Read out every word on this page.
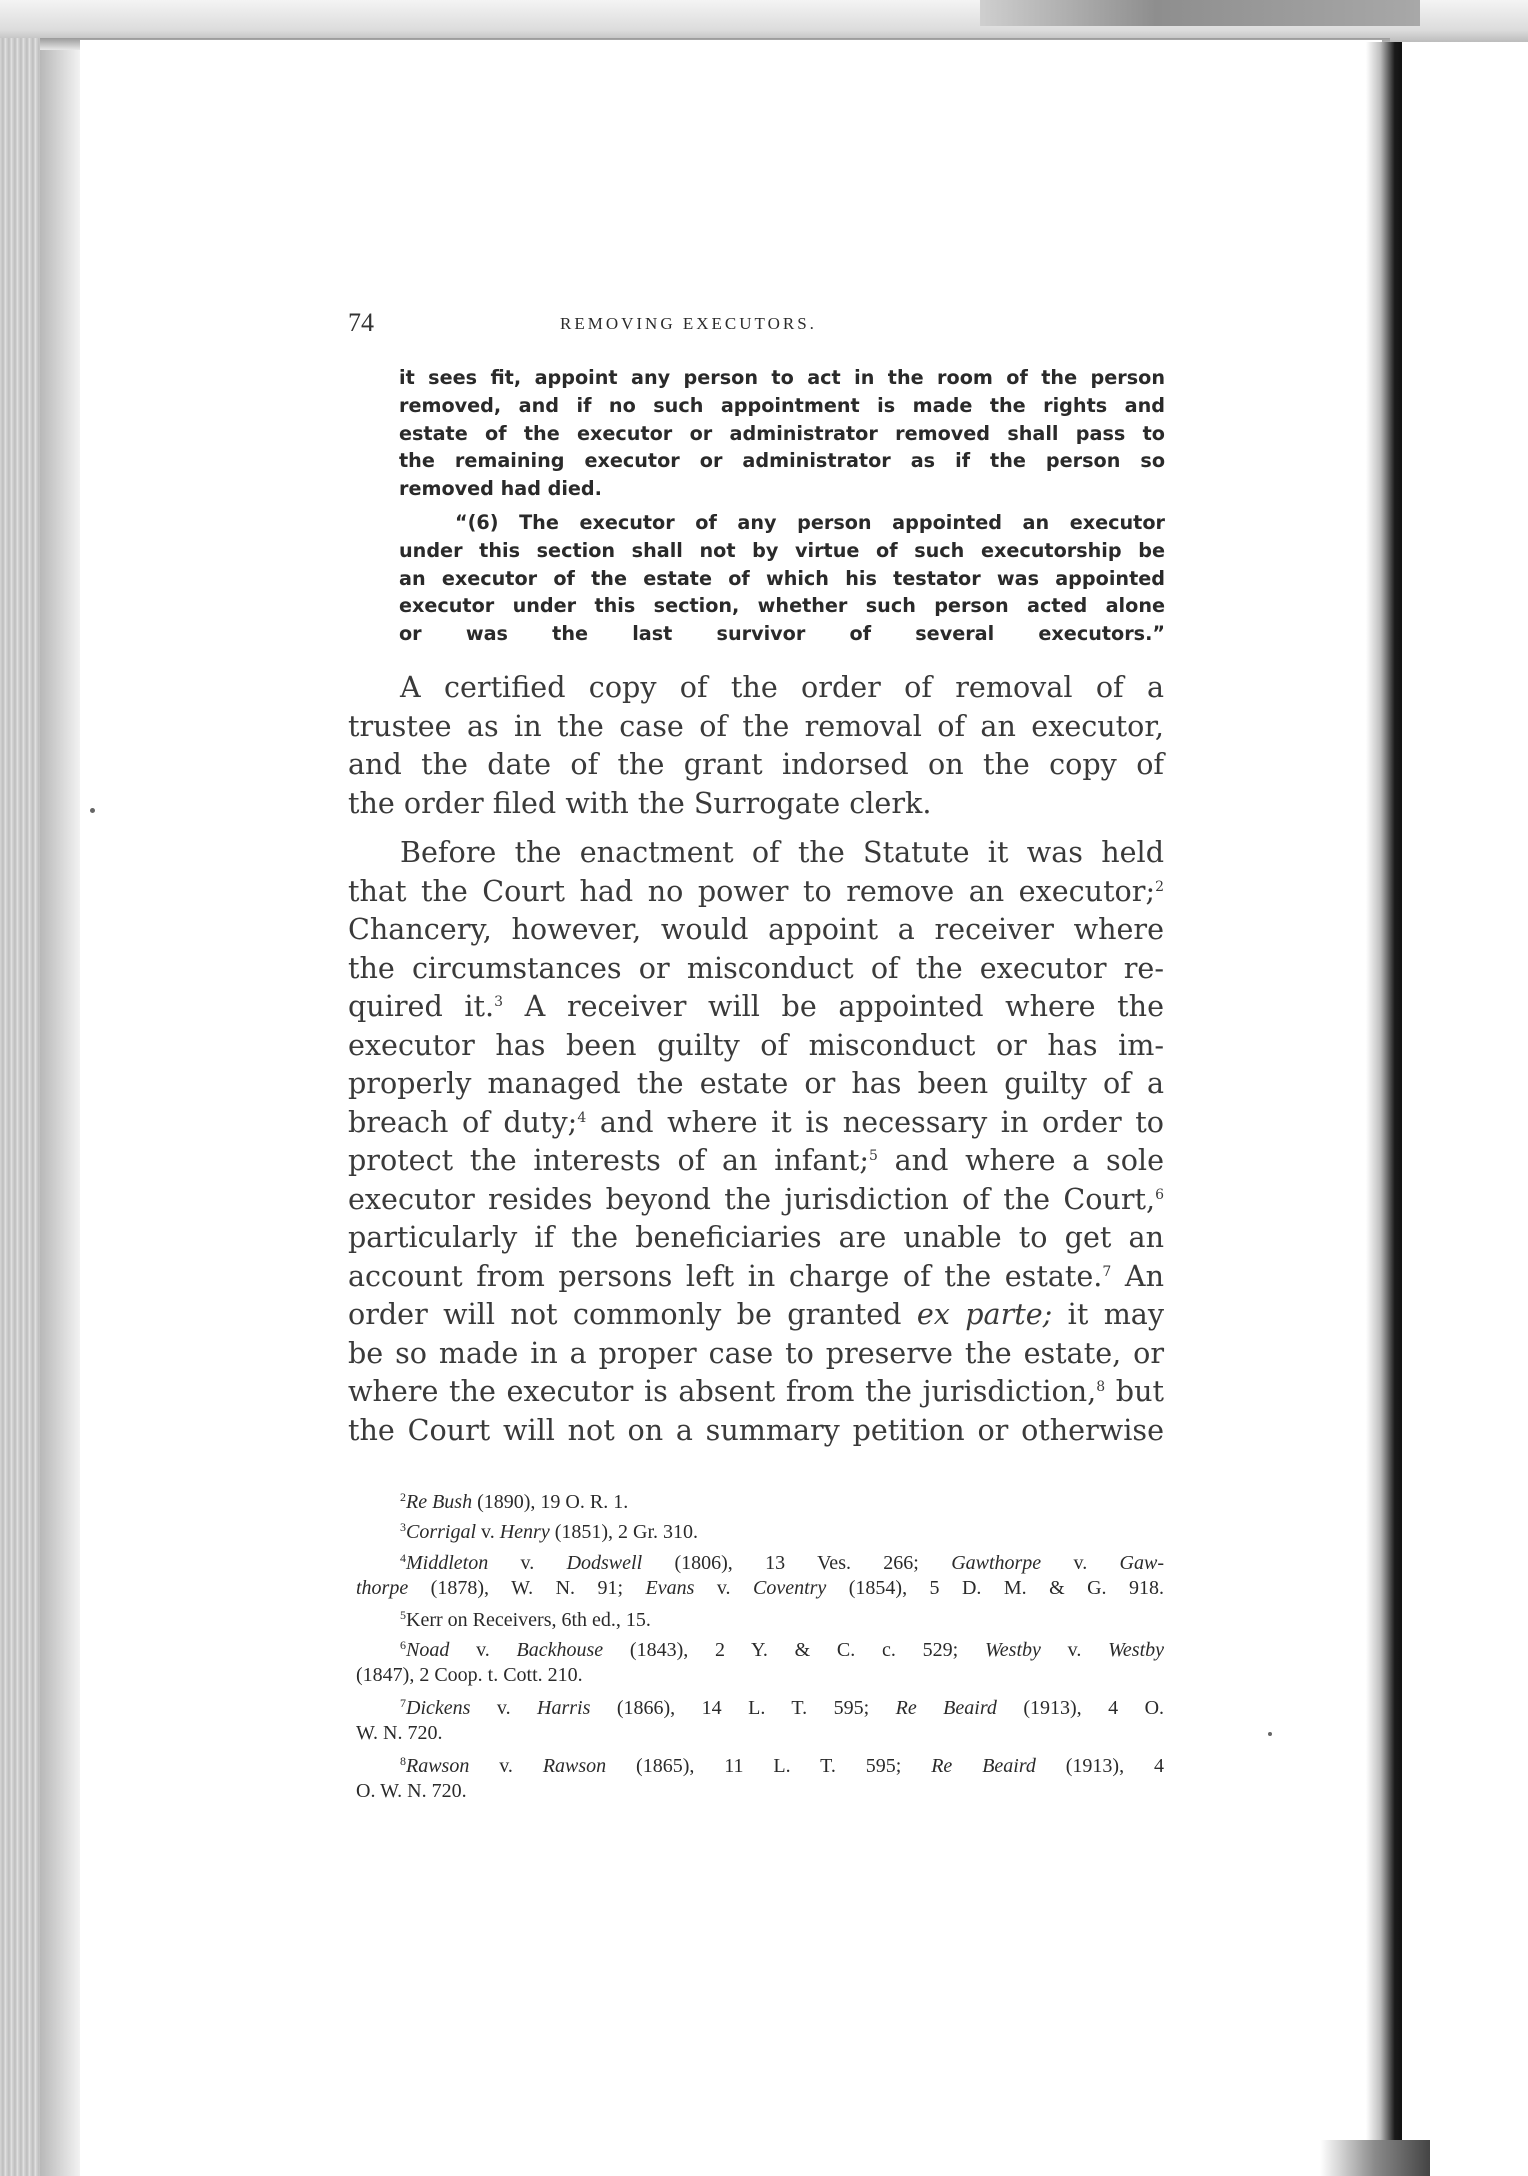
74	REMOVING EXECUTORS.
it sees fit, appoint any person to act in the room of the person
removed, and if no such appointment is made the rights and
estate of the executor or administrator removed shall pass to
the remaining executor or administrator as if the person so
removed had died.
“(6) The executor of any person appointed an executor
under this section shall not by virtue of such executorship be
an executor of the estate of which his testator was appointed
executor under this section, whether such person acted alone
or was the last survivor of several executors.”
A certified copy of the order of removal of a
trustee as in the case of the removal of an executor,
and the date of the grant indorsed on the copy of
the order filed with the Surrogate clerk.
Before the enactment of the Statute it was held
that the Court had no power to remove an executor;$^2$
Chancery, however, would appoint a receiver where
the circumstances or misconduct of the executor re-
quired it.$^3$ A receiver will be appointed where the
executor has been guilty of misconduct or has im-
properly managed the estate or has been guilty of a
breach of duty;$^4$ and where it is necessary in order to
protect the interests of an infant;$^5$ and where a sole
executor resides beyond the jurisdiction of the Court,$^6$
particularly if the beneficiaries are unable to get an
account from persons left in charge of the estate.$^7$ An
order will not commonly be granted ex parte; it may
be so made in a proper case to preserve the estate, or
where the executor is absent from the jurisdiction,$^8$ but
the Court will not on a summary petition or otherwise
$^2$Re Bush (1890), 19 O. R. 1.
$^3$Corrigal v. Henry (1851), 2 Gr. 310.
$^4$Middleton v. Dodswell (1806), 13 Ves. 266; Gawthorpe v. Gaw-
thorpe (1878), W. N. 91; Evans v. Coventry (1854), 5 D. M. & G. 918.
$^5$Kerr on Receivers, 6th ed., 15.
$^6$Noad v. Backhouse (1843), 2 Y. & C. c. 529; Westby v. Westby
(1847), 2 Coop. t. Cott. 210.
$^7$Dickens v. Harris (1866), 14 L. T. 595; Re Beaird (1913), 4 O.
W. N. 720.
$^8$Rawson v. Rawson (1865), 11 L. T. 595; Re Beaird (1913), 4
O. W. N. 720.
